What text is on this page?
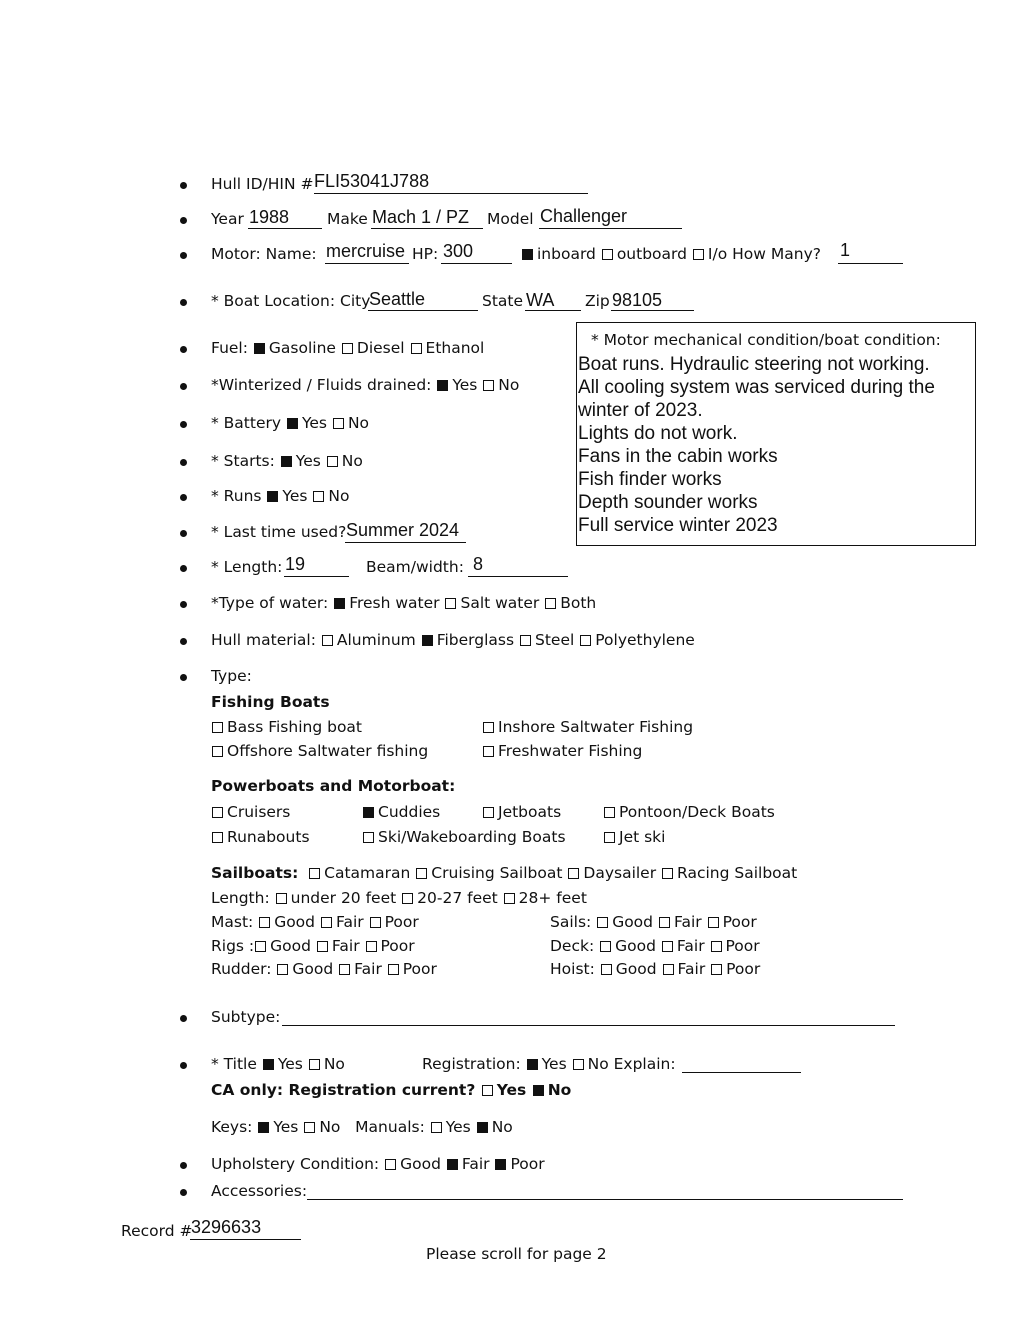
Hull ID/HIN # FLI53041J788
Year 1988 Make Mach 1 / PZ Model Challenger
Motor: Name: mercruise HP: 300	inboard outboard I/o How Many? 1
* Boat Location: City
Seattle	State WA Zip 98105
Fuel: Gasoline Diesel Ethanol
*Winterized / Fluids drained: Yes No
* Battery Yes No
* Starts: Yes No
* Runs Yes No
* Last time used? Summer 2024
* Length: 19	Beam/width: 8
*Type of water: Fresh water Salt water Both
Hull material: Aluminum Fiberglass Steel Polyethylene
Type:
Fishing Boats
Bass Fishing boat	Inshore Saltwater Fishing
Offshore Saltwater fishing	Freshwater Fishing
Powerboats and Motorboat:
Cruisers	Cuddies	Jetboats	Pontoon/Deck Boats
Runabouts	Ski/Wakeboarding Boats	Jet ski
Sailboats: Catamaran Cruising Sailboat Daysailer Racing Sailboat
Length: under 20 feet 20-27 feet 28+ feet
Mast: Good Fair Poor	Sails: Good Fair Poor
Rigs : Good Fair Poor	Deck: Good Fair Poor
Rudder: Good Fair Poor	Hoist: Good Fair Poor
Subtype:
* Title Yes No	Registration: Yes No Explain:
CA only: Registration current? Yes No
Keys: Yes No Manuals: Yes No
Upholstery Condition: Good Fair Poor
Accessories:
Record #
3296633
Please scroll for page 2
* Motor mechanical condition/boat condition:
Boat runs. Hydraulic steering not working.
All cooling system was serviced during the
winter of 2023.
Lights do not work.
Fans in the cabin works
Fish finder works
Depth sounder works
Full service winter 2023
